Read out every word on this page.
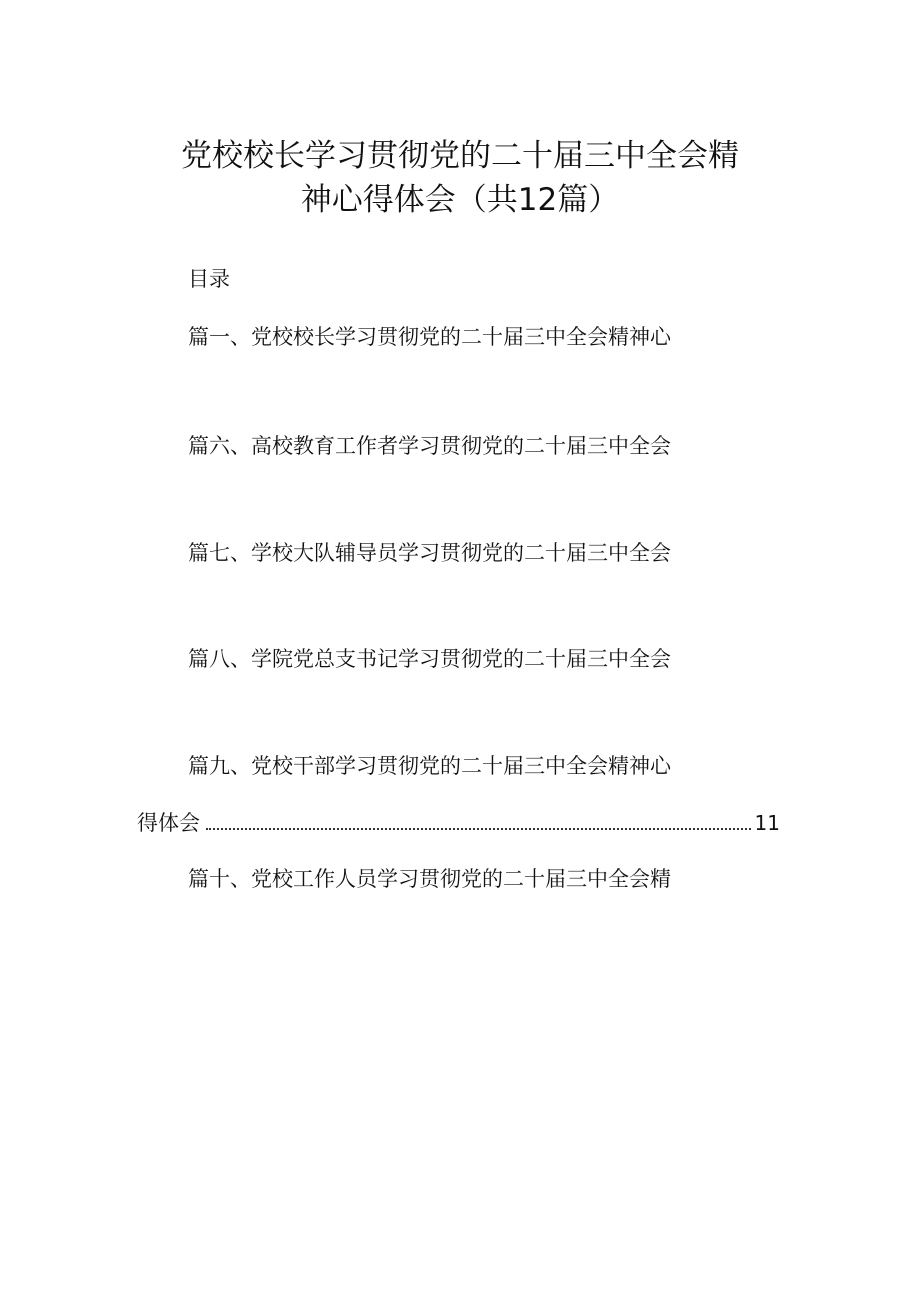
党校校长学习贯彻党的二十届三中全会精
神心得体会（共12篇）
目录
篇一、党校校长学习贯彻党的二十届三中全会精神心
篇六、高校教育工作者学习贯彻党的二十届三中全会
篇七、学校大队辅导员学习贯彻党的二十届三中全会
篇八、学院党总支书记学习贯彻党的二十届三中全会
篇九、党校干部学习贯彻党的二十届三中全会精神心
得体会	11
篇十、党校工作人员学习贯彻党的二十届三中全会精
